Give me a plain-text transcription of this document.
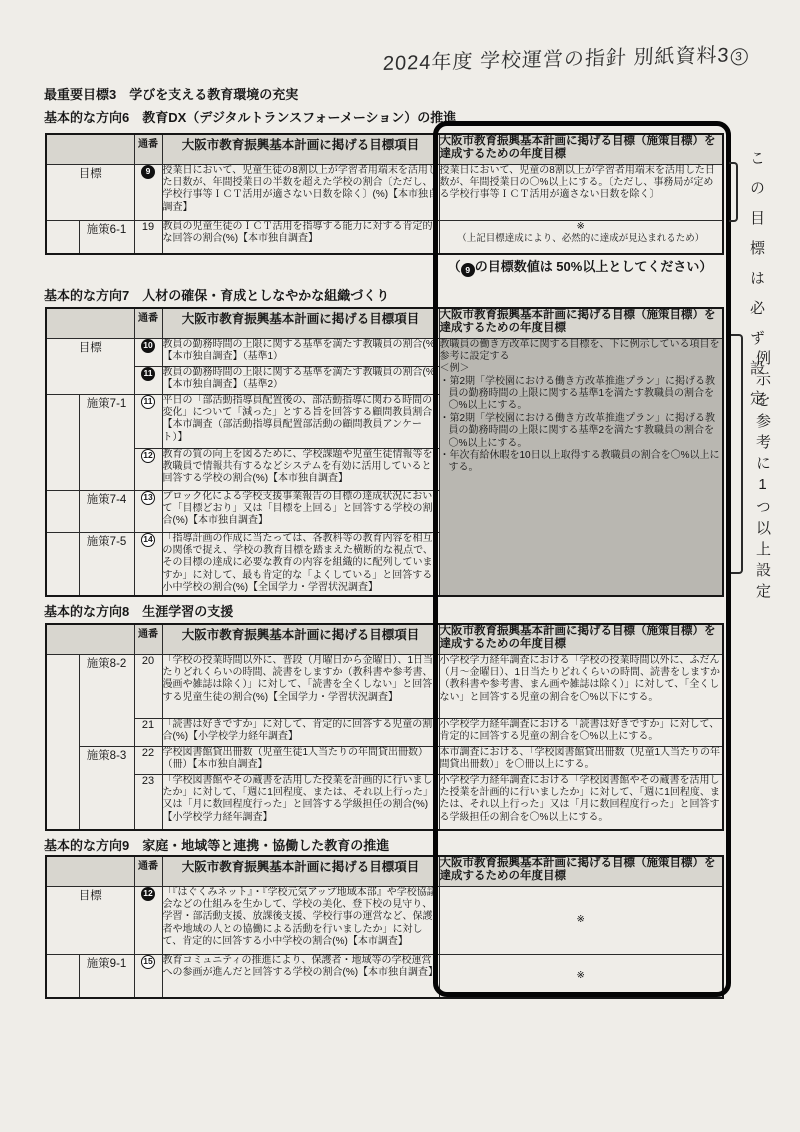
2024年度 学校運営の指針 別紙資料3 3
最重要目標3　学びを支える教育環境の充実
基本的な方向6　教育DX（デジタルトランスフォーメーション）の推進
		通番	大阪市教育振興基本計画に掲げる目標項目	大阪市教育振興基本計画に掲げる目標（施策目標）を達成するための年度目標
目標		9	授業日において、児童生徒の8割以上が学習者用端末を活用した日数が、年間授業日の半数を超えた学校の割合〔ただし、学校行事等ＩＣＴ活用が適さない日数を除く〕(%)【本市独自調査】	授業日において、児童の8割以上が学習者用端末を活用した日数が、年間授業日の〇%以上にする。〔ただし、事務局が定める学校行事等ＩＣＴ活用が適さない日数を除く〕
	施策6-1	19	教員の児童生徒のＩＣＴ活用を指導する能力に対する肯定的な回答の割合(%)【本市独自調査】	※
（上記目標達成により、必然的に達成が見込まれるため）
（ 9 の目標数値は 50%以上としてください）
基本的な方向7　人材の確保・育成としなやかな組織づくり
		通番	大阪市教育振興基本計画に掲げる目標項目	大阪市教育振興基本計画に掲げる目標（施策目標）を達成するための年度目標
目標		10	教員の勤務時間の上限に関する基準を満たす教職員の割合(%)【本市独自調査】（基準1）	教職員の働き方改革に関する目標を、下に例示している項目を参考に設定する
＜例＞
・第2期「学校園における働き方改革推進プラン」に掲げる教員の勤務時間の上限に関する基準1を満たす教職員の割合を〇%以上にする。
・第2期「学校園における働き方改革推進プラン」に掲げる教員の勤務時間の上限に関する基準2を満たす教職員の割合を〇%以上にする。
・年次有給休暇を10日以上取得する教職員の割合を〇%以上にする。

		11	教員の勤務時間の上限に関する基準を満たす教職員の割合(%)【本市独自調査】（基準2）	
	施策7-1	11	平日の「部活動指導員配置後の、部活動指導に関わる時間の変化」について「減った」とする旨を回答する顧問教員割合【本市調査（部活動指導員配置部活動の顧問教員アンケート）】	
		12	教育の質の向上を図るために、学校課題や児童生徒情報等を教職員で情報共有するなどシステムを有効に活用していると回答する学校の割合(%)【本市独自調査】	
	施策7-4	13	ブロック化による学校支援事業報告の目標の達成状況において「目標どおり」又は「目標を上回る」と回答する学校の割合(%)【本市独自調査】	
	施策7-5	14	「指導計画の作成に当たっては、各教科等の教育内容を相互の関係で捉え、学校の教育目標を踏まえた横断的な視点で、その目標の達成に必要な教育の内容を組織的に配列していますか」に対して、最も肯定的な「よくしている」と回答する小中学校の割合(%)【全国学力・学習状況調査】	
基本的な方向8　生涯学習の支援
		通番	大阪市教育振興基本計画に掲げる目標項目	大阪市教育振興基本計画に掲げる目標（施策目標）を達成するための年度目標
	施策8-2	20	「学校の授業時間以外に、普段（月曜日から金曜日）、1日当たりどれくらいの時間、読書をしますか（教科書や参考書、漫画や雑誌は除く）」に対して、「読書を全くしない」と回答する児童生徒の割合(%)【全国学力・学習状況調査】	小学校学力経年調査における「学校の授業時間以外に、ふだん（月～金曜日）、1日当たりどれくらいの時間、読書をしますか（教科書や参考書、まん画や雑誌は除く）」に対して、「全くしない」と回答する児童の割合を〇%以下にする。
		21	「読書は好きですか」に対して、肯定的に回答する児童の割合(%)【小学校学力経年調査】	小学校学力経年調査における「読書は好きですか」に対して、肯定的に回答する児童の割合を〇%以上にする。
	施策8-3	22	学校図書館貸出冊数（児童生徒1人当たりの年間貸出冊数）（冊）【本市独自調査】	本市調査における、「学校図書館貸出冊数（児童1人当たりの年間貸出冊数）」を〇冊以上にする。
		23	「学校図書館やその蔵書を活用した授業を計画的に行いましたか」に対して、「週に1回程度、または、それ以上行った」又は「月に数回程度行った」と回答する学級担任の割合(%)【小学校学力経年調査】	小学校学力経年調査における「学校図書館やその蔵書を活用した授業を計画的に行いましたか」に対して、「週に1回程度、または、それ以上行った」又は「月に数回程度行った」と回答する学級担任の割合を〇%以上にする。
基本的な方向9　家庭・地域等と連携・協働した教育の推進
		通番	大阪市教育振興基本計画に掲げる目標項目	大阪市教育振興基本計画に掲げる目標（施策目標）を達成するための年度目標
目標		12	「『はぐくみネット』・『学校元気アップ地域本部』や学校協議会などの仕組みを生かして、学校の美化、登下校の見守り、学習・部活動支援、放課後支援、学校行事の運営など、保護者や地域の人との協働による活動を行いましたか」に対して、肯定的に回答する小中学校の割合(%)【本市調査】	※
	施策9-1	15	教育コミュニティの推進により、保護者・地域等の学校運営への参画が進んだと回答する学校の割合(%)【本市独自調査】	※
この目標は必ず設定
例示を参考に1つ以上設定
